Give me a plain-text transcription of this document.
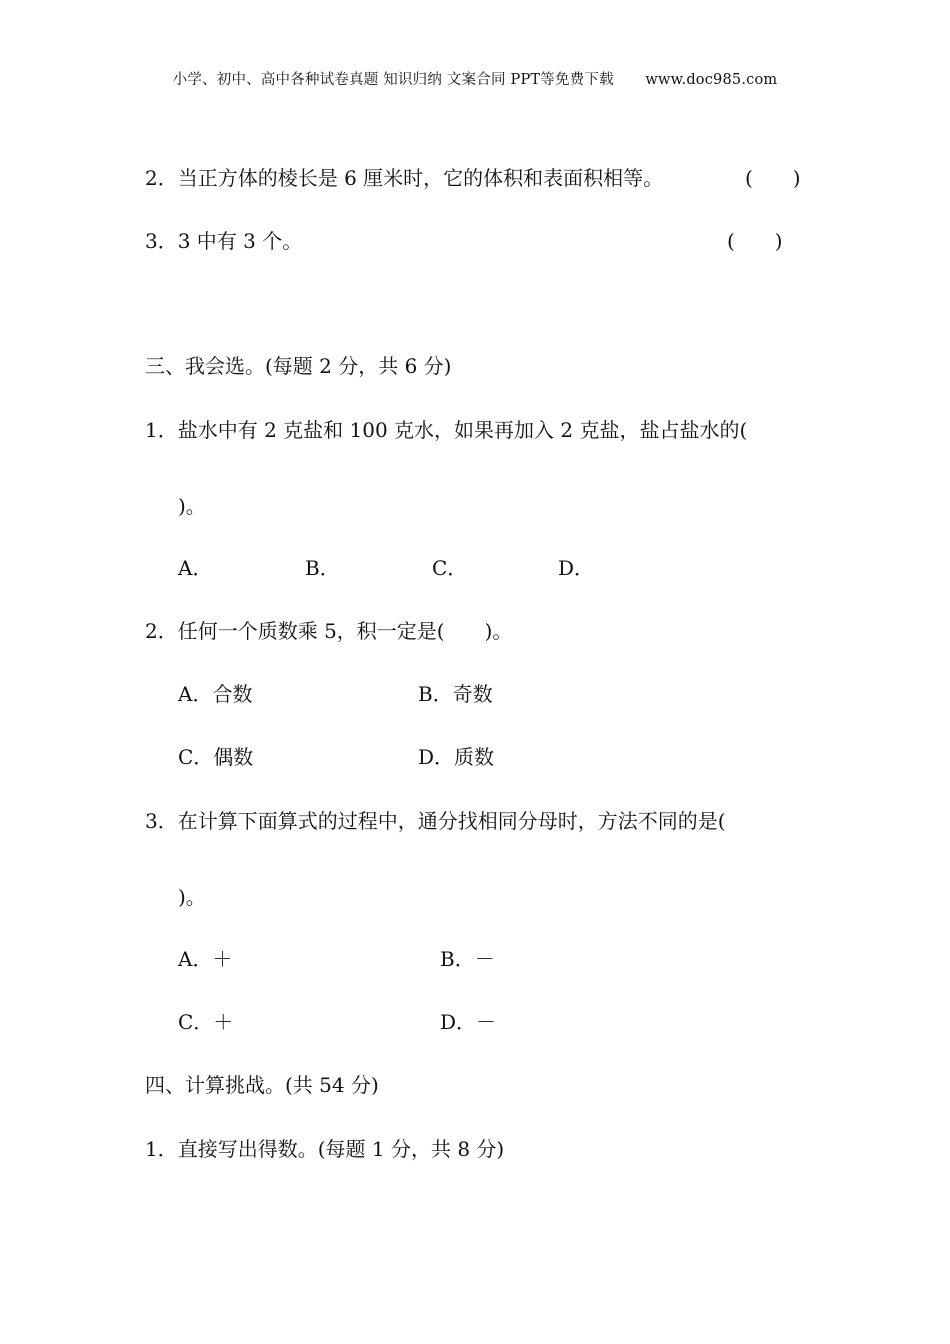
小学、初中、高中各种试卷真题 知识归纳 文案合同 PPT等免费下载 www.doc985.com
2．当正方体的棱长是 6 厘米时，它的体积和表面积相等。	(　　)
3．3 中有 3 个。	(　　)
三、我会选。(每题 2 分，共 6 分)
1．盐水中有 2 克盐和 100 克水，如果再加入 2 克盐，盐占盐水的(
)。
A．	B．	C．	D．
2．任何一个质数乘 5，积一定是(　　)。
A．合数	B．奇数
C．偶数	D．质数
3．在计算下面算式的过程中，通分找相同分母时，方法不同的是(
)。
A．＋	B．－
C．＋	D．－
四、计算挑战。(共 54 分)
1．直接写出得数。(每题 1 分，共 8 分)
